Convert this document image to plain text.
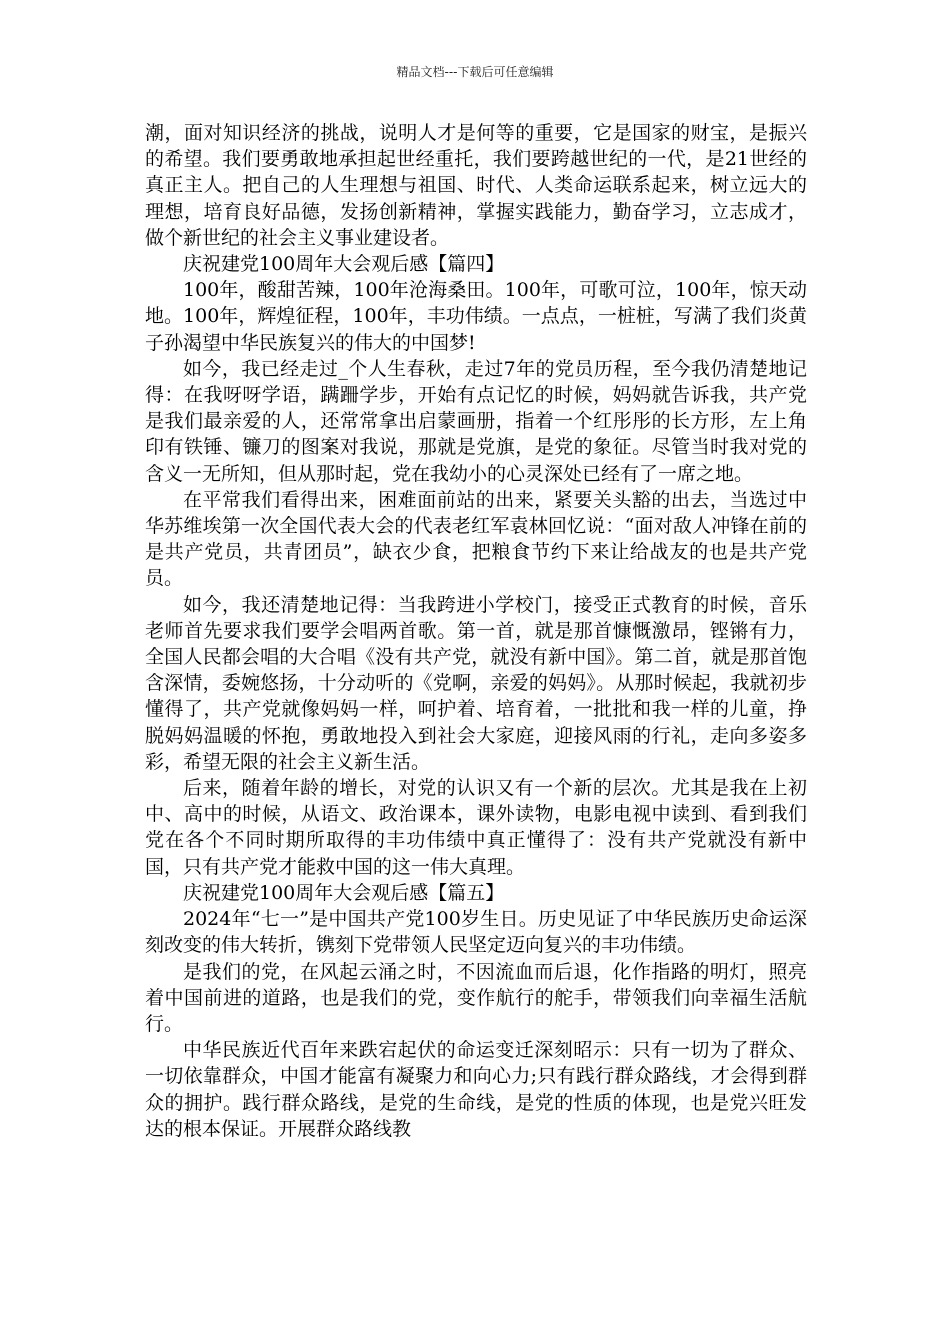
精品文档---下载后可任意编辑

潮，面对知识经济的挑战，说明人才是何等的重要，它是国家的财宝，是振兴的希望。我们要勇敢地承担起世经重托，我们要跨越世纪的一代，是21世经的真正主人。把自己的人生理想与祖国、时代、人类命运联系起来，树立远大的理想，培育良好品德，发扬创新精神，掌握实践能力，勤奋学习，立志成才，做个新世纪的社会主义事业建设者。

庆祝建党100周年大会观后感【篇四】

100年，酸甜苦辣，100年沧海桑田。100年，可歌可泣，100年，惊天动地。100年，辉煌征程，100年，丰功伟绩。一点点，一桩桩，写满了我们炎黄子孙渴望中华民族复兴的伟大的中国梦!

如今，我已经走过_个人生春秋，走过7年的党员历程，至今我仍清楚地记得：在我呀呀学语，蹒跚学步，开始有点记忆的时候，妈妈就告诉我，共产党是我们最亲爱的人，还常常拿出启蒙画册，指着一个红彤彤的长方形，左上角印有铁锤、镰刀的图案对我说，那就是党旗，是党的象征。尽管当时我对党的含义一无所知，但从那时起，党在我幼小的心灵深处已经有了一席之地。

在平常我们看得出来，困难面前站的出来，紧要关头豁的出去，当选过中华苏维埃第一次全国代表大会的代表老红军袁林回忆说：“面对敌人冲锋在前的是共产党员，共青团员”，缺衣少食，把粮食节约下来让给战友的也是共产党员。

如今，我还清楚地记得：当我跨进小学校门，接受正式教育的时候，音乐老师首先要求我们要学会唱两首歌。第一首，就是那首慷慨激昂，铿锵有力，全国人民都会唱的大合唱《没有共产党，就没有新中国》。第二首，就是那首饱含深情，委婉悠扬，十分动听的《党啊，亲爱的妈妈》。从那时候起，我就初步懂得了，共产党就像妈妈一样，呵护着、培育着，一批批和我一样的儿童，挣脱妈妈温暖的怀抱，勇敢地投入到社会大家庭，迎接风雨的行礼，走向多姿多彩，希望无限的社会主义新生活。

后来，随着年龄的增长，对党的认识又有一个新的层次。尤其是我在上初中、高中的时候，从语文、政治课本，课外读物，电影电视中读到、看到我们党在各个不同时期所取得的丰功伟绩中真正懂得了：没有共产党就没有新中国，只有共产党才能救中国的这一伟大真理。

庆祝建党100周年大会观后感【篇五】

2024年“七一”是中国共产党100岁生日。历史见证了中华民族历史命运深刻改变的伟大转折，镌刻下党带领人民坚定迈向复兴的丰功伟绩。

是我们的党，在风起云涌之时，不因流血而后退，化作指路的明灯，照亮着中国前进的道路，也是我们的党，变作航行的舵手，带领我们向幸福生活航行。

中华民族近代百年来跌宕起伏的命运变迁深刻昭示：只有一切为了群众、一切依靠群众，中国才能富有凝聚力和向心力;只有践行群众路线，才会得到群众的拥护。践行群众路线，是党的生命线，是党的性质的体现，也是党兴旺发达的根本保证。开展群众路线教
